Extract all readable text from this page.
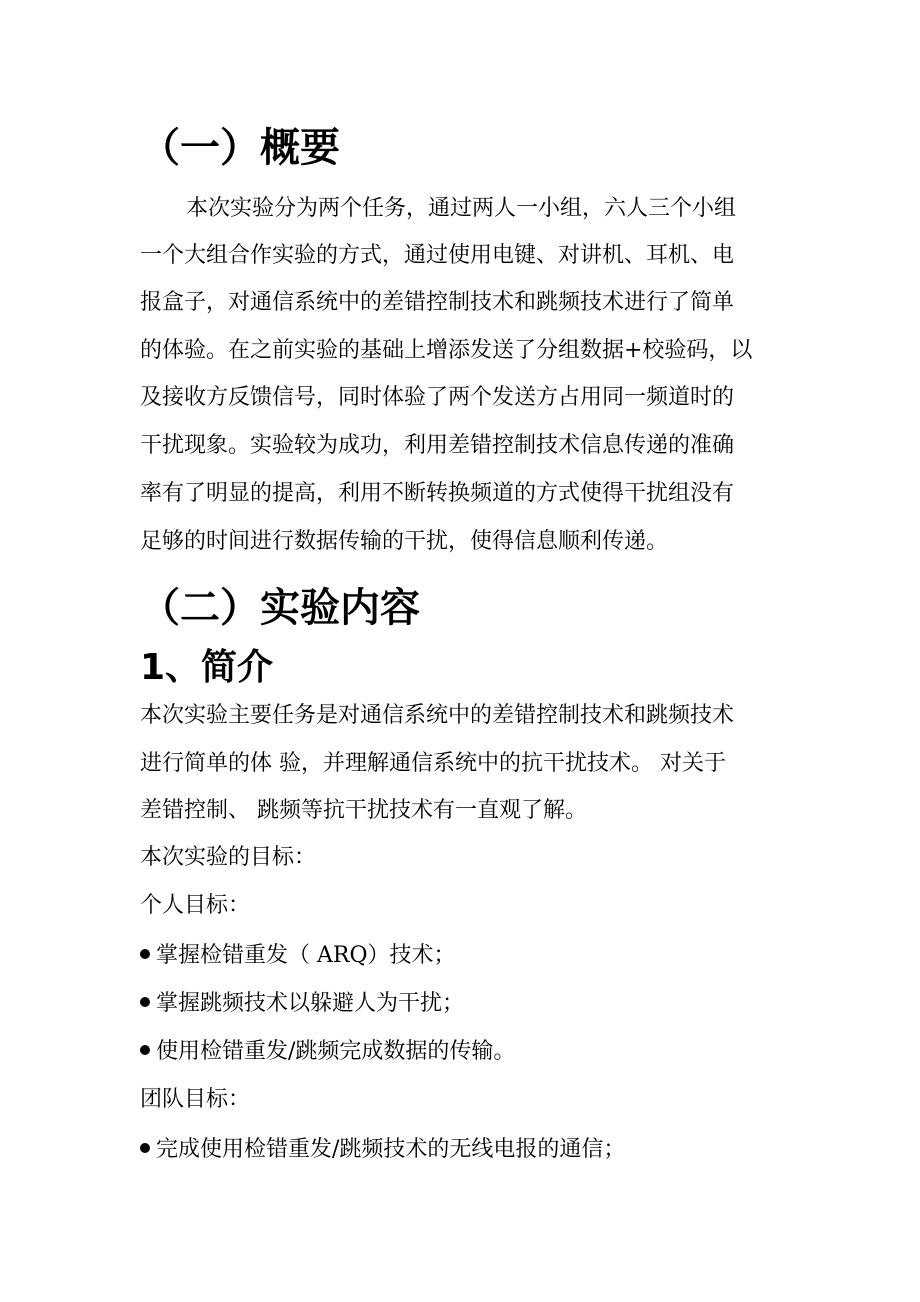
（一）概要
本次实验分为两个任务，通过两人一小组，六人三个小组
一个大组合作实验的方式，通过使用电键、对讲机、耳机、电
报盒子，对通信系统中的差错控制技术和跳频技术进行了简单
的体验。在之前实验的基础上增添发送了分组数据+校验码，以
及接收方反馈信号，同时体验了两个发送方占用同一频道时的
干扰现象。实验较为成功，利用差错控制技术信息传递的准确
率有了明显的提高，利用不断转换频道的方式使得干扰组没有
足够的时间进行数据传输的干扰，使得信息顺利传递。
（二）实验内容
1、简介
本次实验主要任务是对通信系统中的差错控制技术和跳频技术
进行简单的体 验，并理解通信系统中的抗干扰技术。 对关于
差错控制、 跳频等抗干扰技术有一直观了解。
本次实验的目标：
个人目标：
掌握检错重发（ ARQ）技术；
掌握跳频技术以躲避人为干扰；
使用检错重发/跳频完成数据的传输。
团队目标：
完成使用检错重发/跳频技术的无线电报的通信；
